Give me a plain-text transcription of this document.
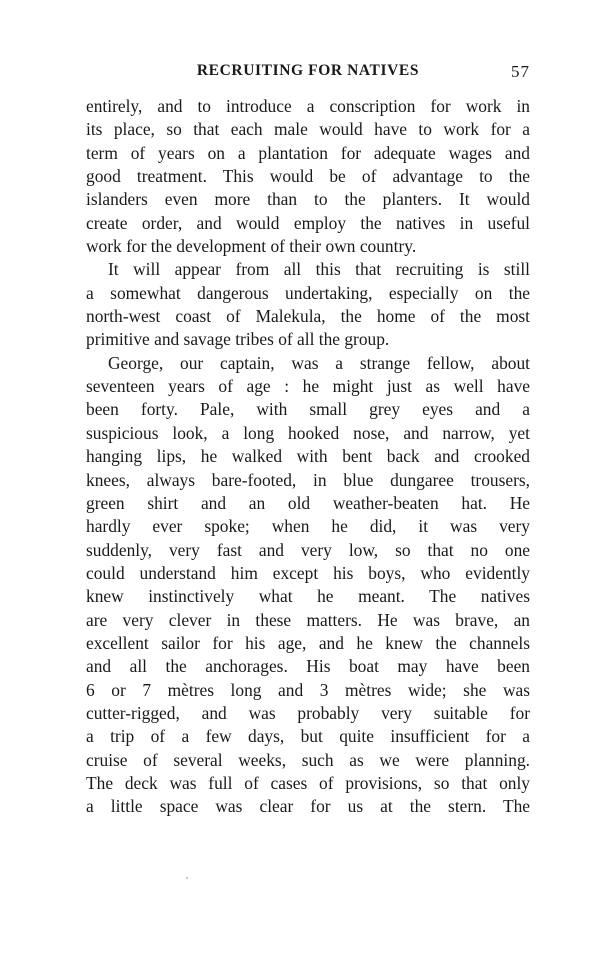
RECRUITING FOR NATIVES	57
entirely, and to introduce a conscription for work in
its place, so that each male would have to work for a
term of years on a plantation for adequate wages and
good treatment. This would be of advantage to the
islanders even more than to the planters. It would
create order, and would employ the natives in useful
work for the development of their own country.
It will appear from all this that recruiting is still
a somewhat dangerous undertaking, especially on the
north-west coast of Malekula, the home of the most
primitive and savage tribes of all the group.
George, our captain, was a strange fellow, about
seventeen years of age : he might just as well have
been forty. Pale, with small grey eyes and a
suspicious look, a long hooked nose, and narrow, yet
hanging lips, he walked with bent back and crooked
knees, always bare-footed, in blue dungaree trousers,
green shirt and an old weather-beaten hat. He
hardly ever spoke; when he did, it was very
suddenly, very fast and very low, so that no one
could understand him except his boys, who evidently
knew instinctively what he meant. The natives
are very clever in these matters. He was brave, an
excellent sailor for his age, and he knew the channels
and all the anchorages. His boat may have been
6 or 7 mètres long and 3 mètres wide; she was
cutter-rigged, and was probably very suitable for
a trip of a few days, but quite insufficient for a
cruise of several weeks, such as we were planning.
The deck was full of cases of provisions, so that only
a little space was clear for us at the stern. The
